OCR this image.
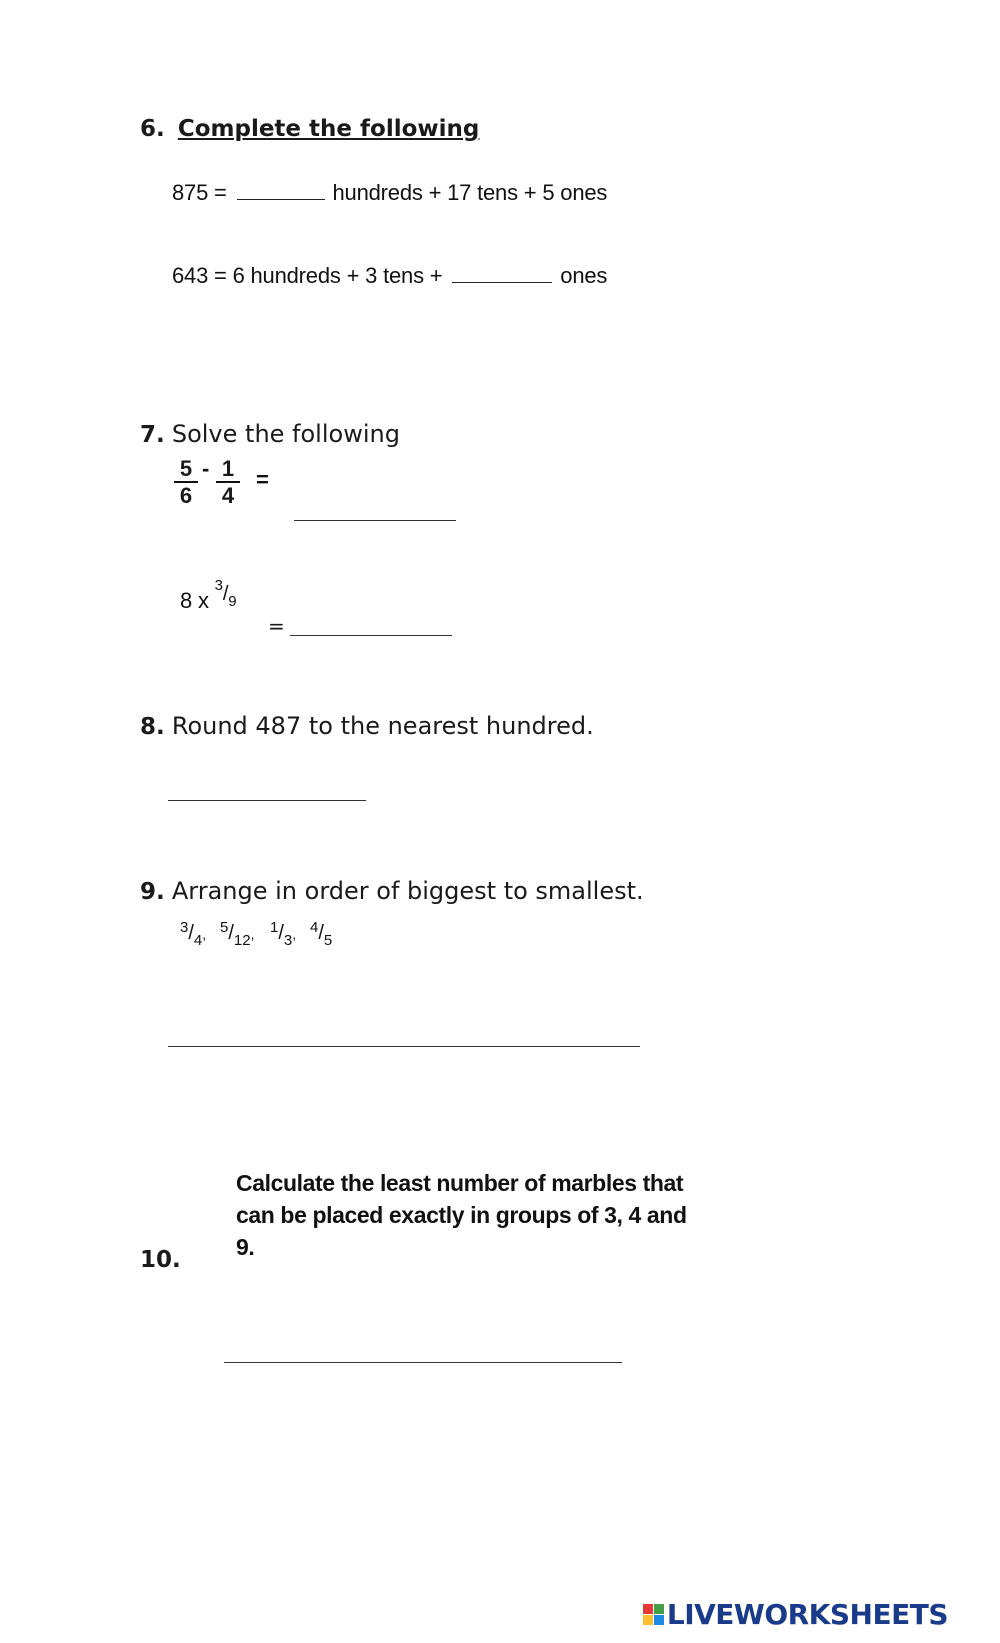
6. Complete the following
875 =	hundreds + 17 tens + 5 ones
643 = 6 hundreds + 3 tens +	ones
7. Solve the following
$\frac{5}{6} - \frac{1}{4}$ =
8 x $^3/_9$
=
8. Round 487 to the nearest hundred.
9. Arrange in order of biggest to smallest.
$^3/_4$, $^5/_{12}$, $^1/_3$, $^4/_5$
10.
Calculate the least number of marbles that
can be placed exactly in groups of 3, 4 and
9.
LIVEWORKSHEETS
